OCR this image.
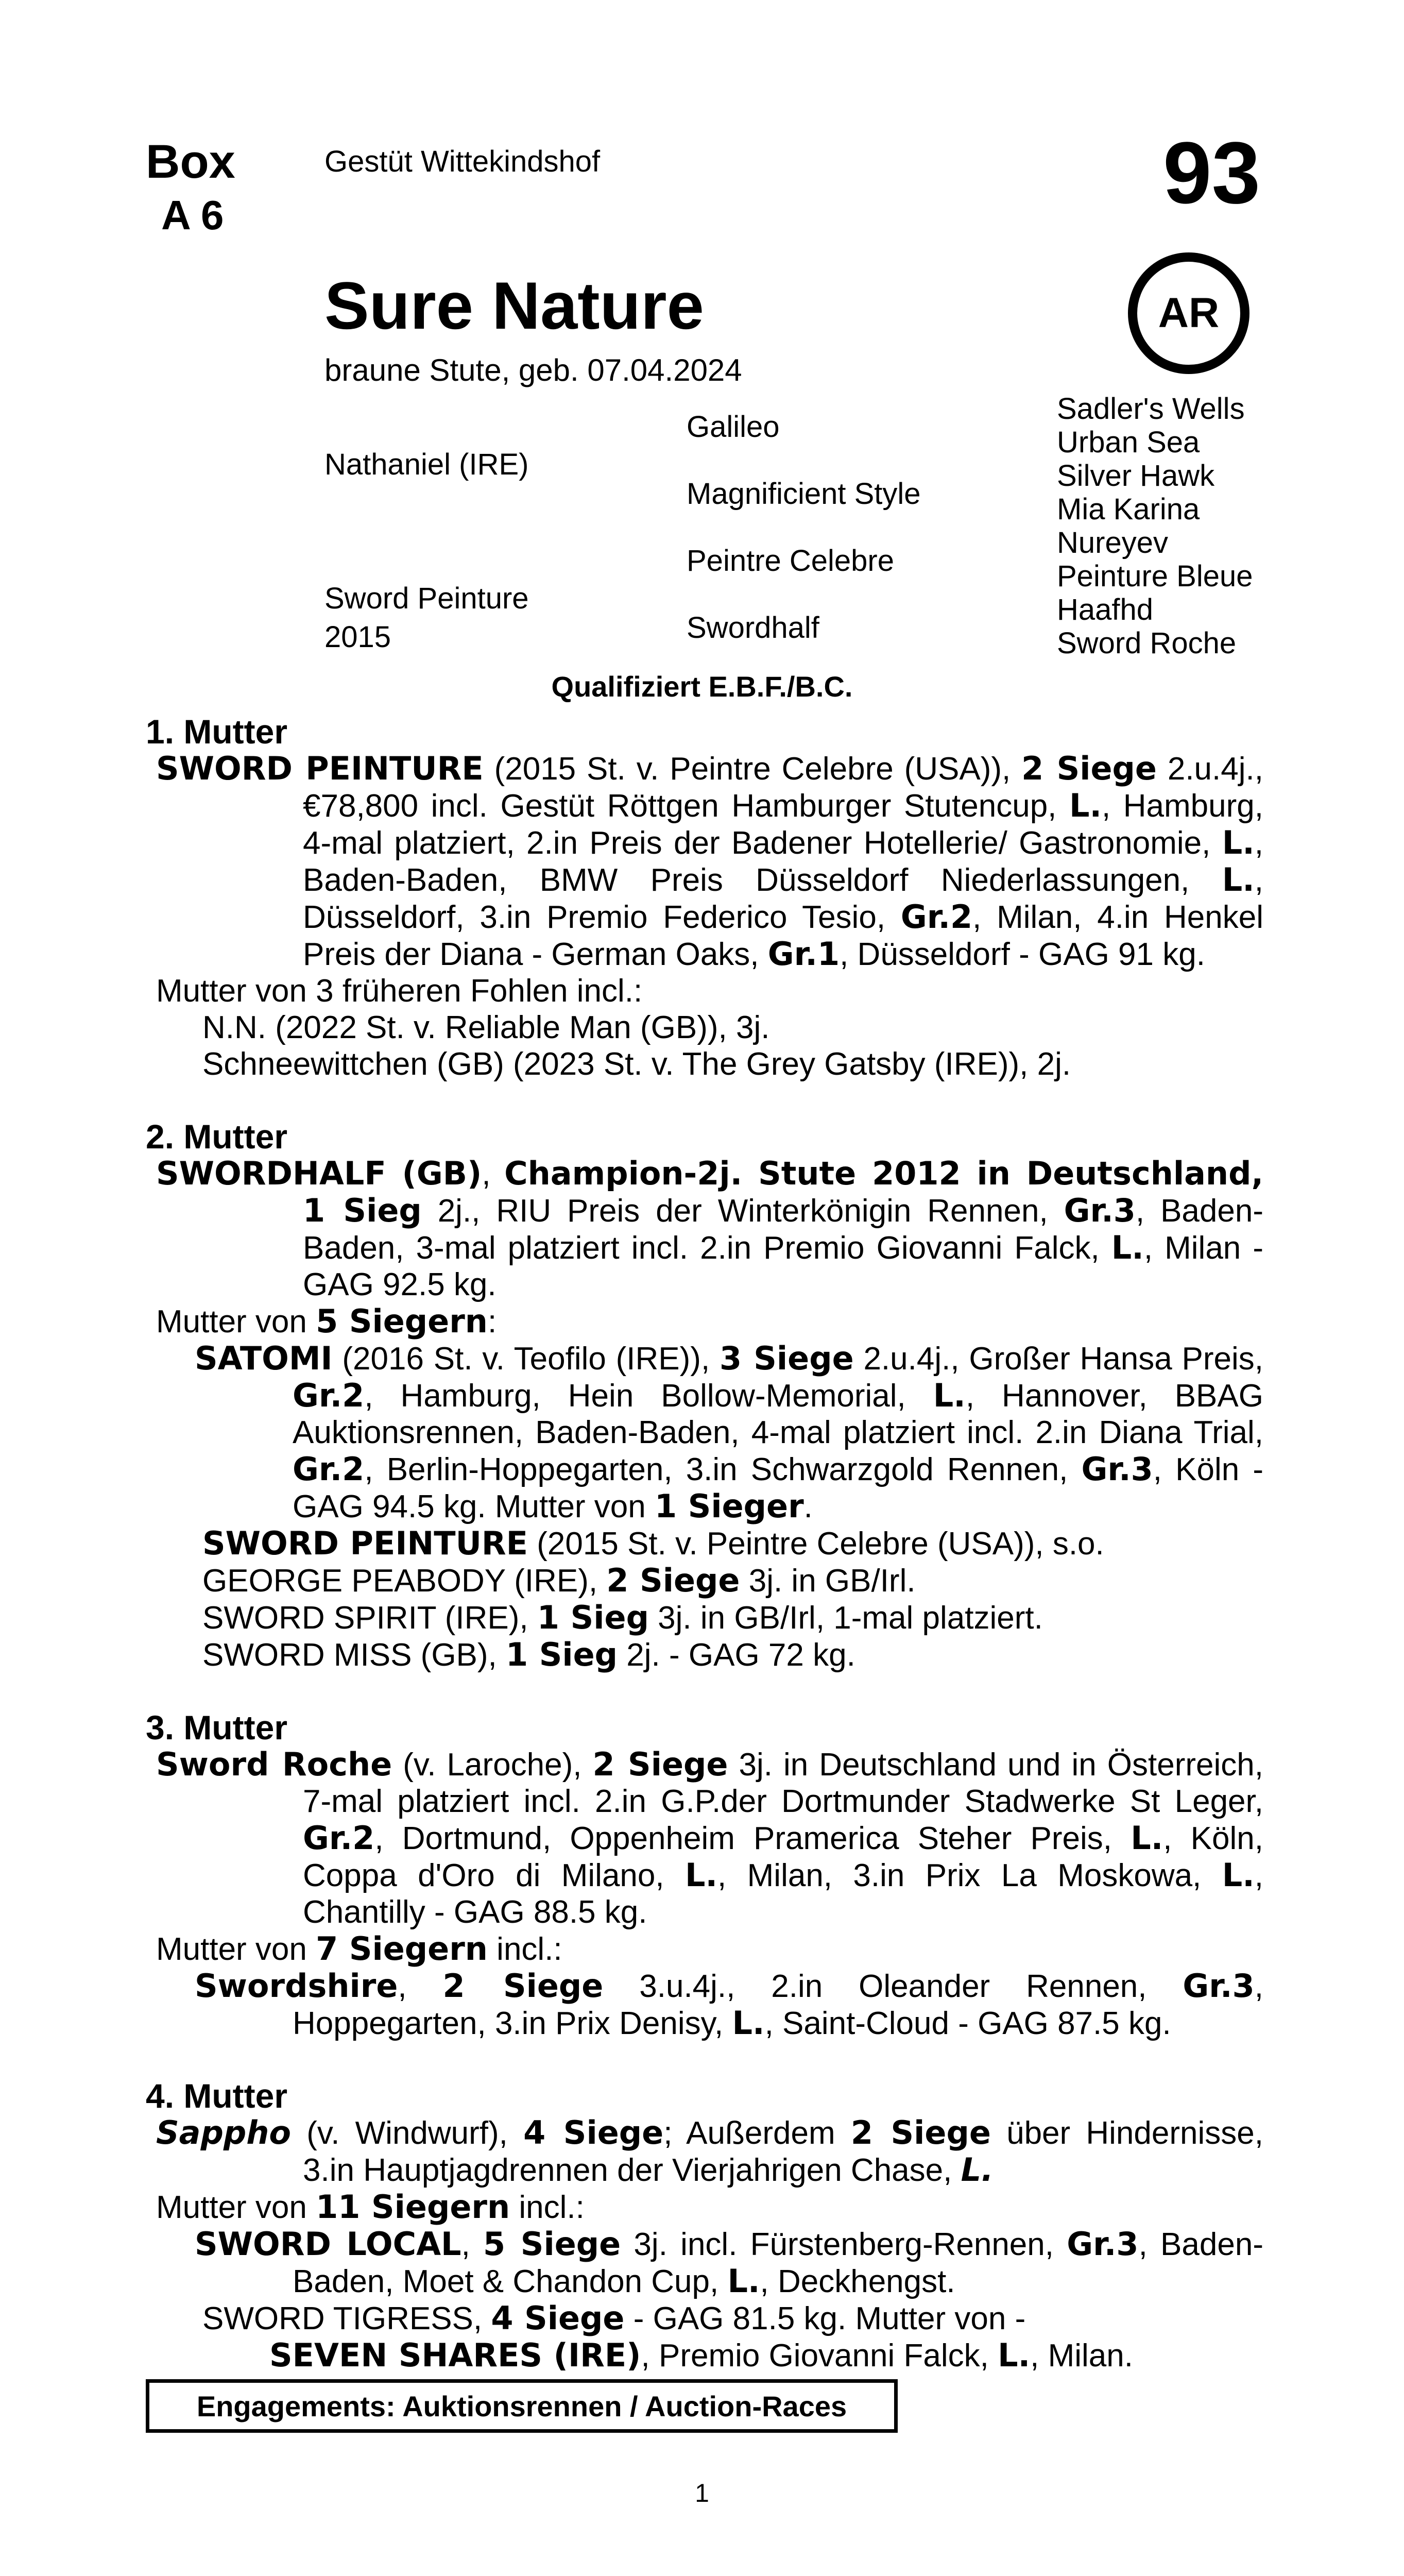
Box
A 6
Gestüt Wittekindshof	93
AR
Sure Nature
braune Stute, geb. 07.04.2024
Nathaniel (IRE)
Sword Peinture
2015
Galileo
Magnificient Style
Peintre Celebre
Swordhalf
Sadler's Wells
Urban Sea
Silver Hawk
Mia Karina
Nureyev
Peinture Bleue
Haafhd
Sword Roche
Qualifiziert E.B.F./B.C.
1. Mutter
SWORD PEINTURE (2015 St. v. Peintre Celebre (USA)), 2 Siege 2.u.4j., €78,800 incl. Gestüt Röttgen Hamburger Stutencup, L., Hamburg, 4-mal platziert, 2.in Preis der Badener Hotellerie/ Gastronomie, L., Baden-Baden, BMW Preis Düsseldorf Niederlassungen, L., Düsseldorf, 3.in Premio Federico Tesio, Gr.2, Milan, 4.in Henkel Preis der Diana - German Oaks, Gr.1, Düsseldorf - GAG 91 kg.
Mutter von 3 früheren Fohlen incl.:
N.N. (2022 St. v. Reliable Man (GB)), 3j.
Schneewittchen (GB) (2023 St. v. The Grey Gatsby (IRE)), 2j.
2. Mutter
SWORDHALF (GB), Champion-2j. Stute 2012 in Deutschland, 1 Sieg 2j., RIU Preis der Winterkönigin Rennen, Gr.3, Baden-Baden, 3-mal platziert incl. 2.in Premio Giovanni Falck, L., Milan - GAG 92.5 kg.
Mutter von 5 Siegern:
SATOMI (2016 St. v. Teofilo (IRE)), 3 Siege 2.u.4j., Großer Hansa Preis, Gr.2, Hamburg, Hein Bollow-Memorial, L., Hannover, BBAG Auktionsrennen, Baden-Baden, 4-mal platziert incl. 2.in Diana Trial, Gr.2, Berlin-Hoppegarten, 3.in Schwarzgold Rennen, Gr.3, Köln - GAG 94.5 kg. Mutter von 1 Sieger.
SWORD PEINTURE (2015 St. v. Peintre Celebre (USA)), s.o.
GEORGE PEABODY (IRE), 2 Siege 3j. in GB/Irl.
SWORD SPIRIT (IRE), 1 Sieg 3j. in GB/Irl, 1-mal platziert.
SWORD MISS (GB), 1 Sieg 2j. - GAG 72 kg.
3. Mutter
Sword Roche (v. Laroche), 2 Siege 3j. in Deutschland und in Österreich, 7-mal platziert incl. 2.in G.P.der Dortmunder Stadwerke St Leger, Gr.2, Dortmund, Oppenheim Pramerica Steher Preis, L., Köln, Coppa d'Oro di Milano, L., Milan, 3.in Prix La Moskowa, L., Chantilly - GAG 88.5 kg.
Mutter von 7 Siegern incl.:
Swordshire, 2 Siege 3.u.4j., 2.in Oleander Rennen, Gr.3, Hoppegarten, 3.in Prix Denisy, L., Saint-Cloud - GAG 87.5 kg.
4. Mutter
Sappho (v. Windwurf), 4 Siege; Außerdem 2 Siege über Hindernisse, 3.in Hauptjagdrennen der Vierjahrigen Chase, L.
Mutter von 11 Siegern incl.:
SWORD LOCAL, 5 Siege 3j. incl. Fürstenberg-Rennen, Gr.3, Baden-Baden, Moet & Chandon Cup, L., Deckhengst.
SWORD TIGRESS, 4 Siege - GAG 81.5 kg. Mutter von -
SEVEN SHARES (IRE), Premio Giovanni Falck, L., Milan.
Engagements: Auktionsrennen / Auction-Races
1
